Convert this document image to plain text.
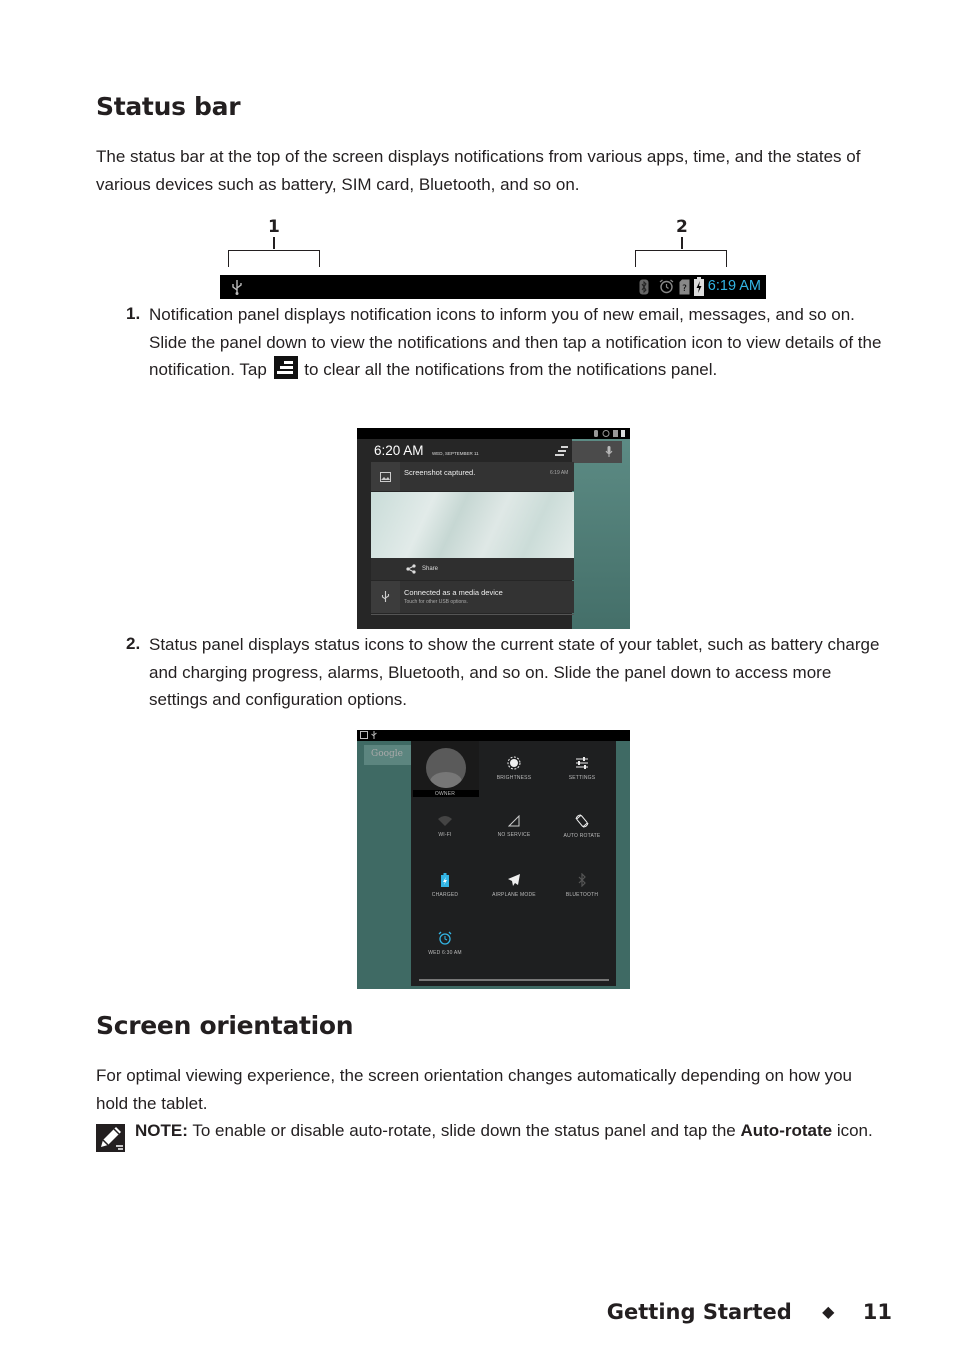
Status bar

The status bar at the top of the screen displays notifications from various apps, time, and the states of various devices such as battery, SIM card, Bluetooth, and so on.

1	2
? 6:19 AM
1. Notification panel displays notification icons to inform you of new email, messages, and so on. Slide the panel down to view the notifications and then tap a notification icon to view details of the notification. Tap to clear all the notifications from the notifications panel.

6:20 AM WED, SEPTEMBER 11
Screenshot captured.	6:19 AM
Share
Connected as a media device
Touch for other USB options.
2. Status panel displays status icons to show the current state of your tablet, such as battery charge and charging progress, alarms, Bluetooth, and so on. Slide the panel down to access more settings and configuration options.

Google
OWNER
BRIGHTNESS	SETTINGS
WI-FI	NO SERVICE	AUTO ROTATE
CHARGED	AIRPLANE MODE	BLUETOOTH
WED 6:30 AM
Screen orientation

For optimal viewing experience, the screen orientation changes automatically depending on how you hold the tablet.

NOTE: To enable or disable auto-rotate, slide down the status panel and tap the Auto-rotate icon.

Getting Started ◆ 11
